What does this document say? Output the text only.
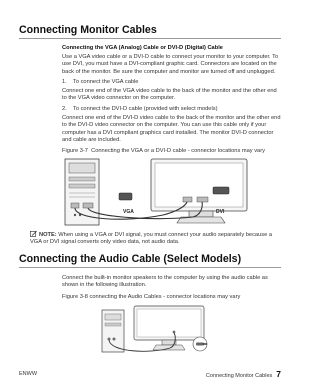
Connecting Monitor Cables

Connecting the VGA (Analog) Cable or DVI-D (Digital) Cable

Use a VGA video cable or a DVI-D cable to connect your monitor to your computer. To use DVI, you must have a DVI-compliant graphic card. Connectors are located on the back of the monitor. Be sure the computer and monitor are turned off and unplugged.

1. To connect the VGA cable

Connect one end of the VGA video cable to the back of the monitor and the other end to the VGA video connector on the computer.

2. To connect the DVI-D cable (provided with select models)

Connect one end of the DVI-D video cable to the back of the monitor and the other end to the DVI-D video connector on the computer. You can use this cable only if your computer has a DVI compliant graphics card installed. The monitor DVI-D connector and cable are included.

Figure 3-7 Connecting the VGA or a DVI-D cable - connector locations may vary

VGA	DVI

NOTE: When using a VGA or DVI signal, you must connect your audio separately because a VGA or DVI signal converts only video data, not audio data.

Connecting the Audio Cable (Select Models)

Connect the built-in monitor speakers to the computer by using the audio cable as shown in the following illustration.

Figure 3-8 connecting the Audio Cables - connector locations may vary

ENWW	Connecting Monitor Cables 7
